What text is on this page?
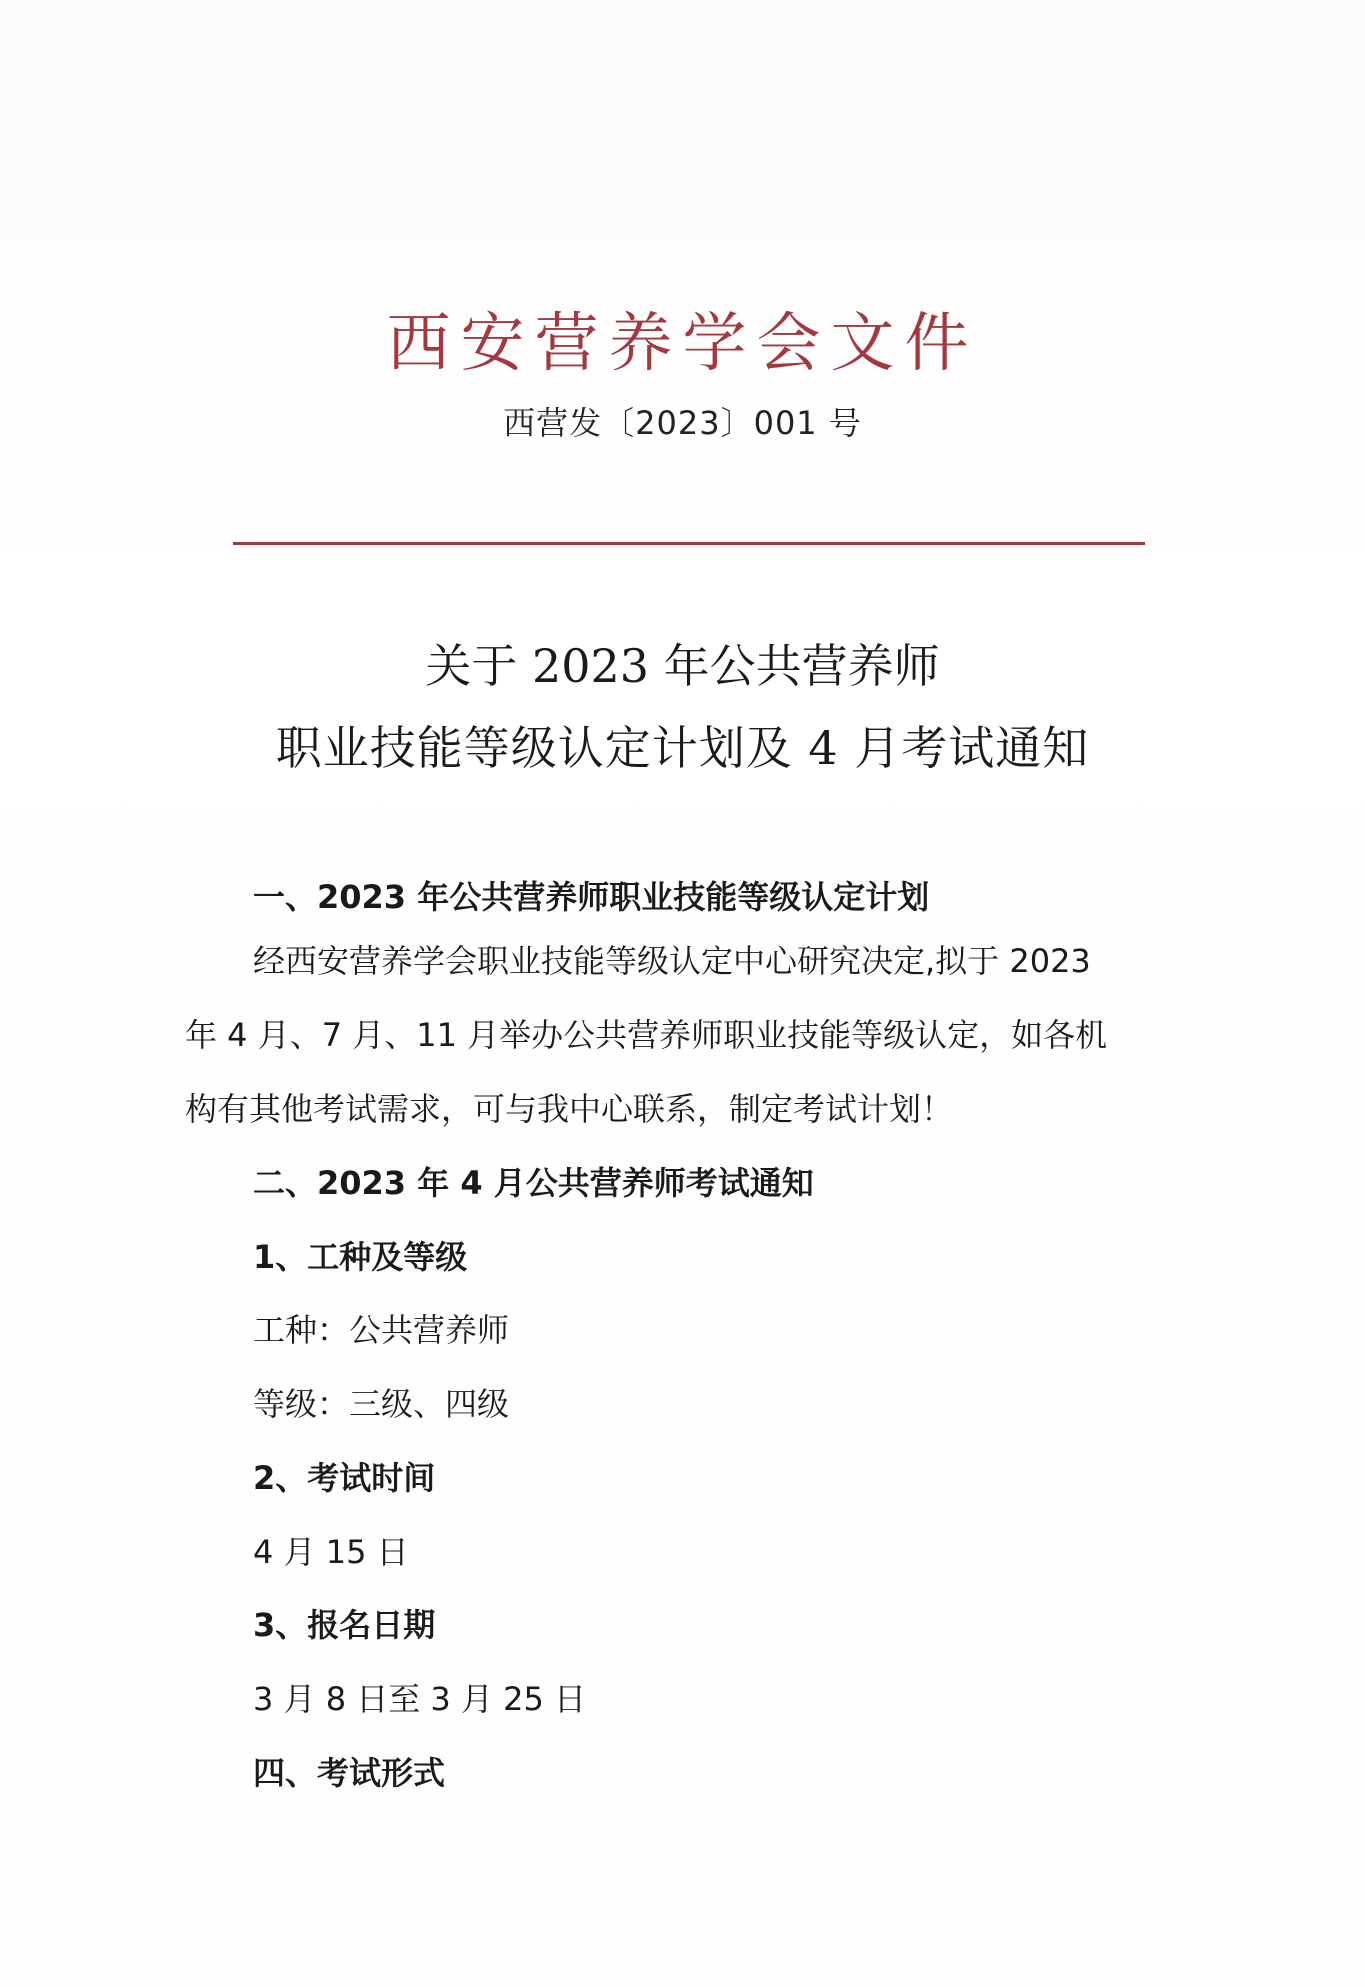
西安营养学会文件
西营发〔2023〕001 号
关于 2023 年公共营养师
职业技能等级认定计划及 4 月考试通知
一、2023 年公共营养师职业技能等级认定计划
经西安营养学会职业技能等级认定中心研究决定,拟于 2023
年 4 月、7 月、11 月举办公共营养师职业技能等级认定，如各机
构有其他考试需求，可与我中心联系，制定考试计划！
二、2023 年 4 月公共营养师考试通知
1、工种及等级
工种：公共营养师
等级：三级、四级
2、考试时间
4 月 15 日
3、报名日期
3 月 8 日至 3 月 25 日
四、考试形式
